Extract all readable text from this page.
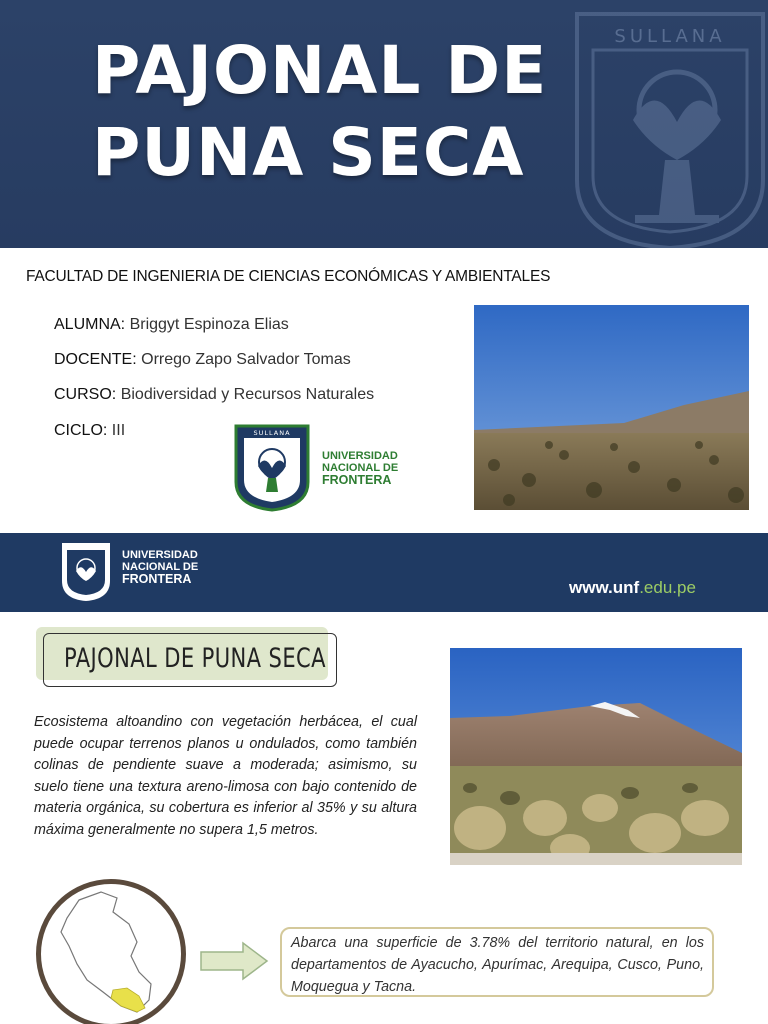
PAJONAL DE
PUNA SECA
SULLANA
FACULTAD DE INGENIERIA DE CIENCIAS ECONÓMICAS Y AMBIENTALES
ALUMNA: Briggyt Espinoza Elias
DOCENTE: Orrego Zapo Salvador Tomas
CURSO: Biodiversidad y Recursos Naturales
CICLO: III	SULLANA
UNIVERSIDAD
NACIONAL DE
FRONTERA
UNIVERSIDAD
NACIONAL DE
FRONTERA	www.unf.edu.pe
PAJONAL DE PUNA SECA
Ecosistema altoandino con vegetación herbácea, el cual puede ocupar terrenos planos u ondulados, como también colinas de pendiente suave a moderada; asimismo, su suelo tiene una textura areno-limosa con bajo contenido de materia orgánica, su cobertura es inferior al 35% y su altura máxima generalmente no supera 1,5 metros.
Abarca una superficie de 3.78% del territorio natural, en los departamentos de Ayacucho, Apurímac, Arequipa, Cusco, Puno, Moquegua y Tacna.
